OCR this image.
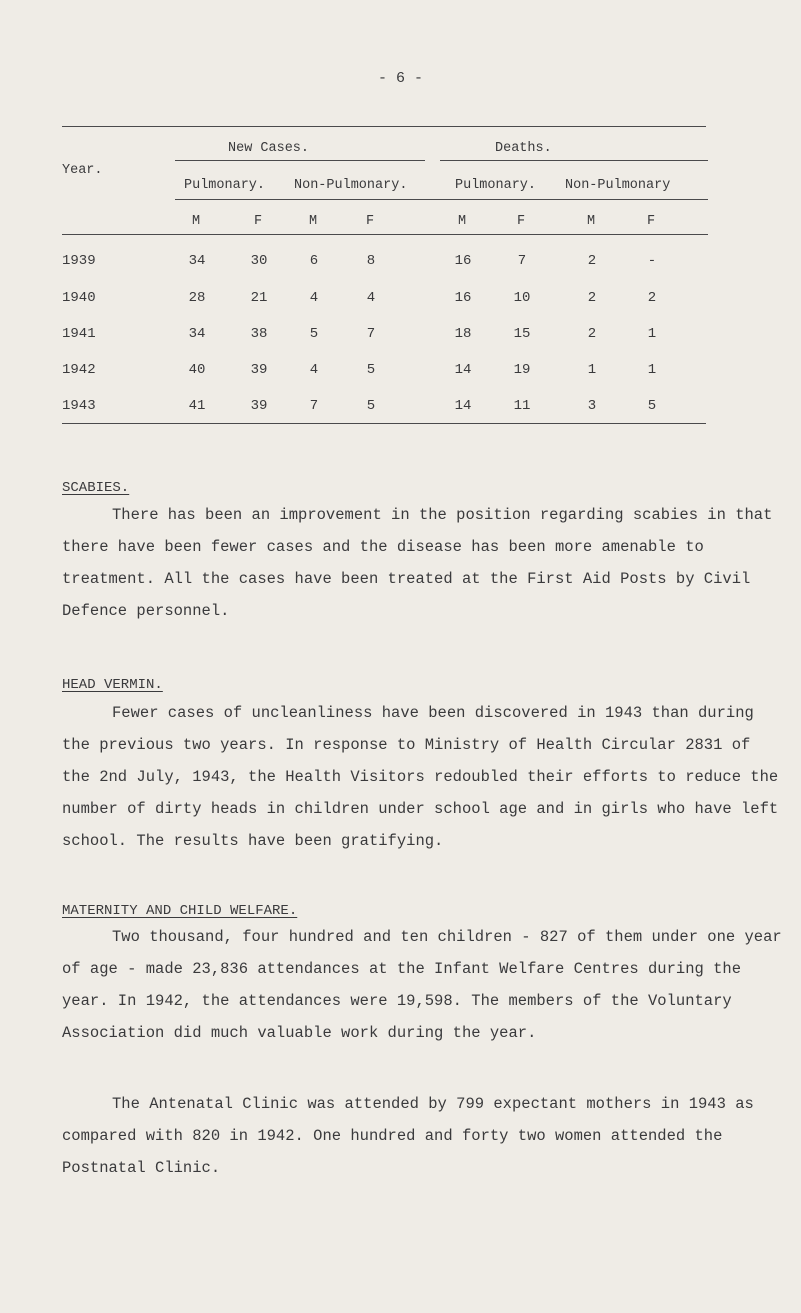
- 6 -
Year.
New Cases.	Deaths.
Pulmonary. Non-Pulmonary.	Pulmonary. Non-Pulmonary
M	F	M	F	M	F	M	F
1939	34	30	6	8	16	7	2	-
1940	28	21	4	4	16	10	2	2
1941	34	38	5	7	18	15	2	1
1942	40	39	4	5	14	19	1	1
1943	41	39	7	5	14	11	3	5
SCABIES.

There has been an improvement in the position regarding scabies in that there have been fewer cases and the disease has been more amenable to treatment. All the cases have been treated at the First Aid Posts by Civil Defence personnel.

HEAD VERMIN.

Fewer cases of uncleanliness have been discovered in 1943 than during the previous two years. In response to Ministry of Health Circular 2831 of the 2nd July, 1943, the Health Visitors redoubled their efforts to reduce the number of dirty heads in children under school age and in girls who have left school. The results have been gratifying.

MATERNITY AND CHILD WELFARE.

Two thousand, four hundred and ten children - 827 of them under one year of age - made 23,836 attendances at the Infant Welfare Centres during the year. In 1942, the attendances were 19,598. The members of the Voluntary Association did much valuable work during the year.

The Antenatal Clinic was attended by 799 expectant mothers in 1943 as compared with 820 in 1942. One hundred and forty two women attended the Postnatal Clinic.
